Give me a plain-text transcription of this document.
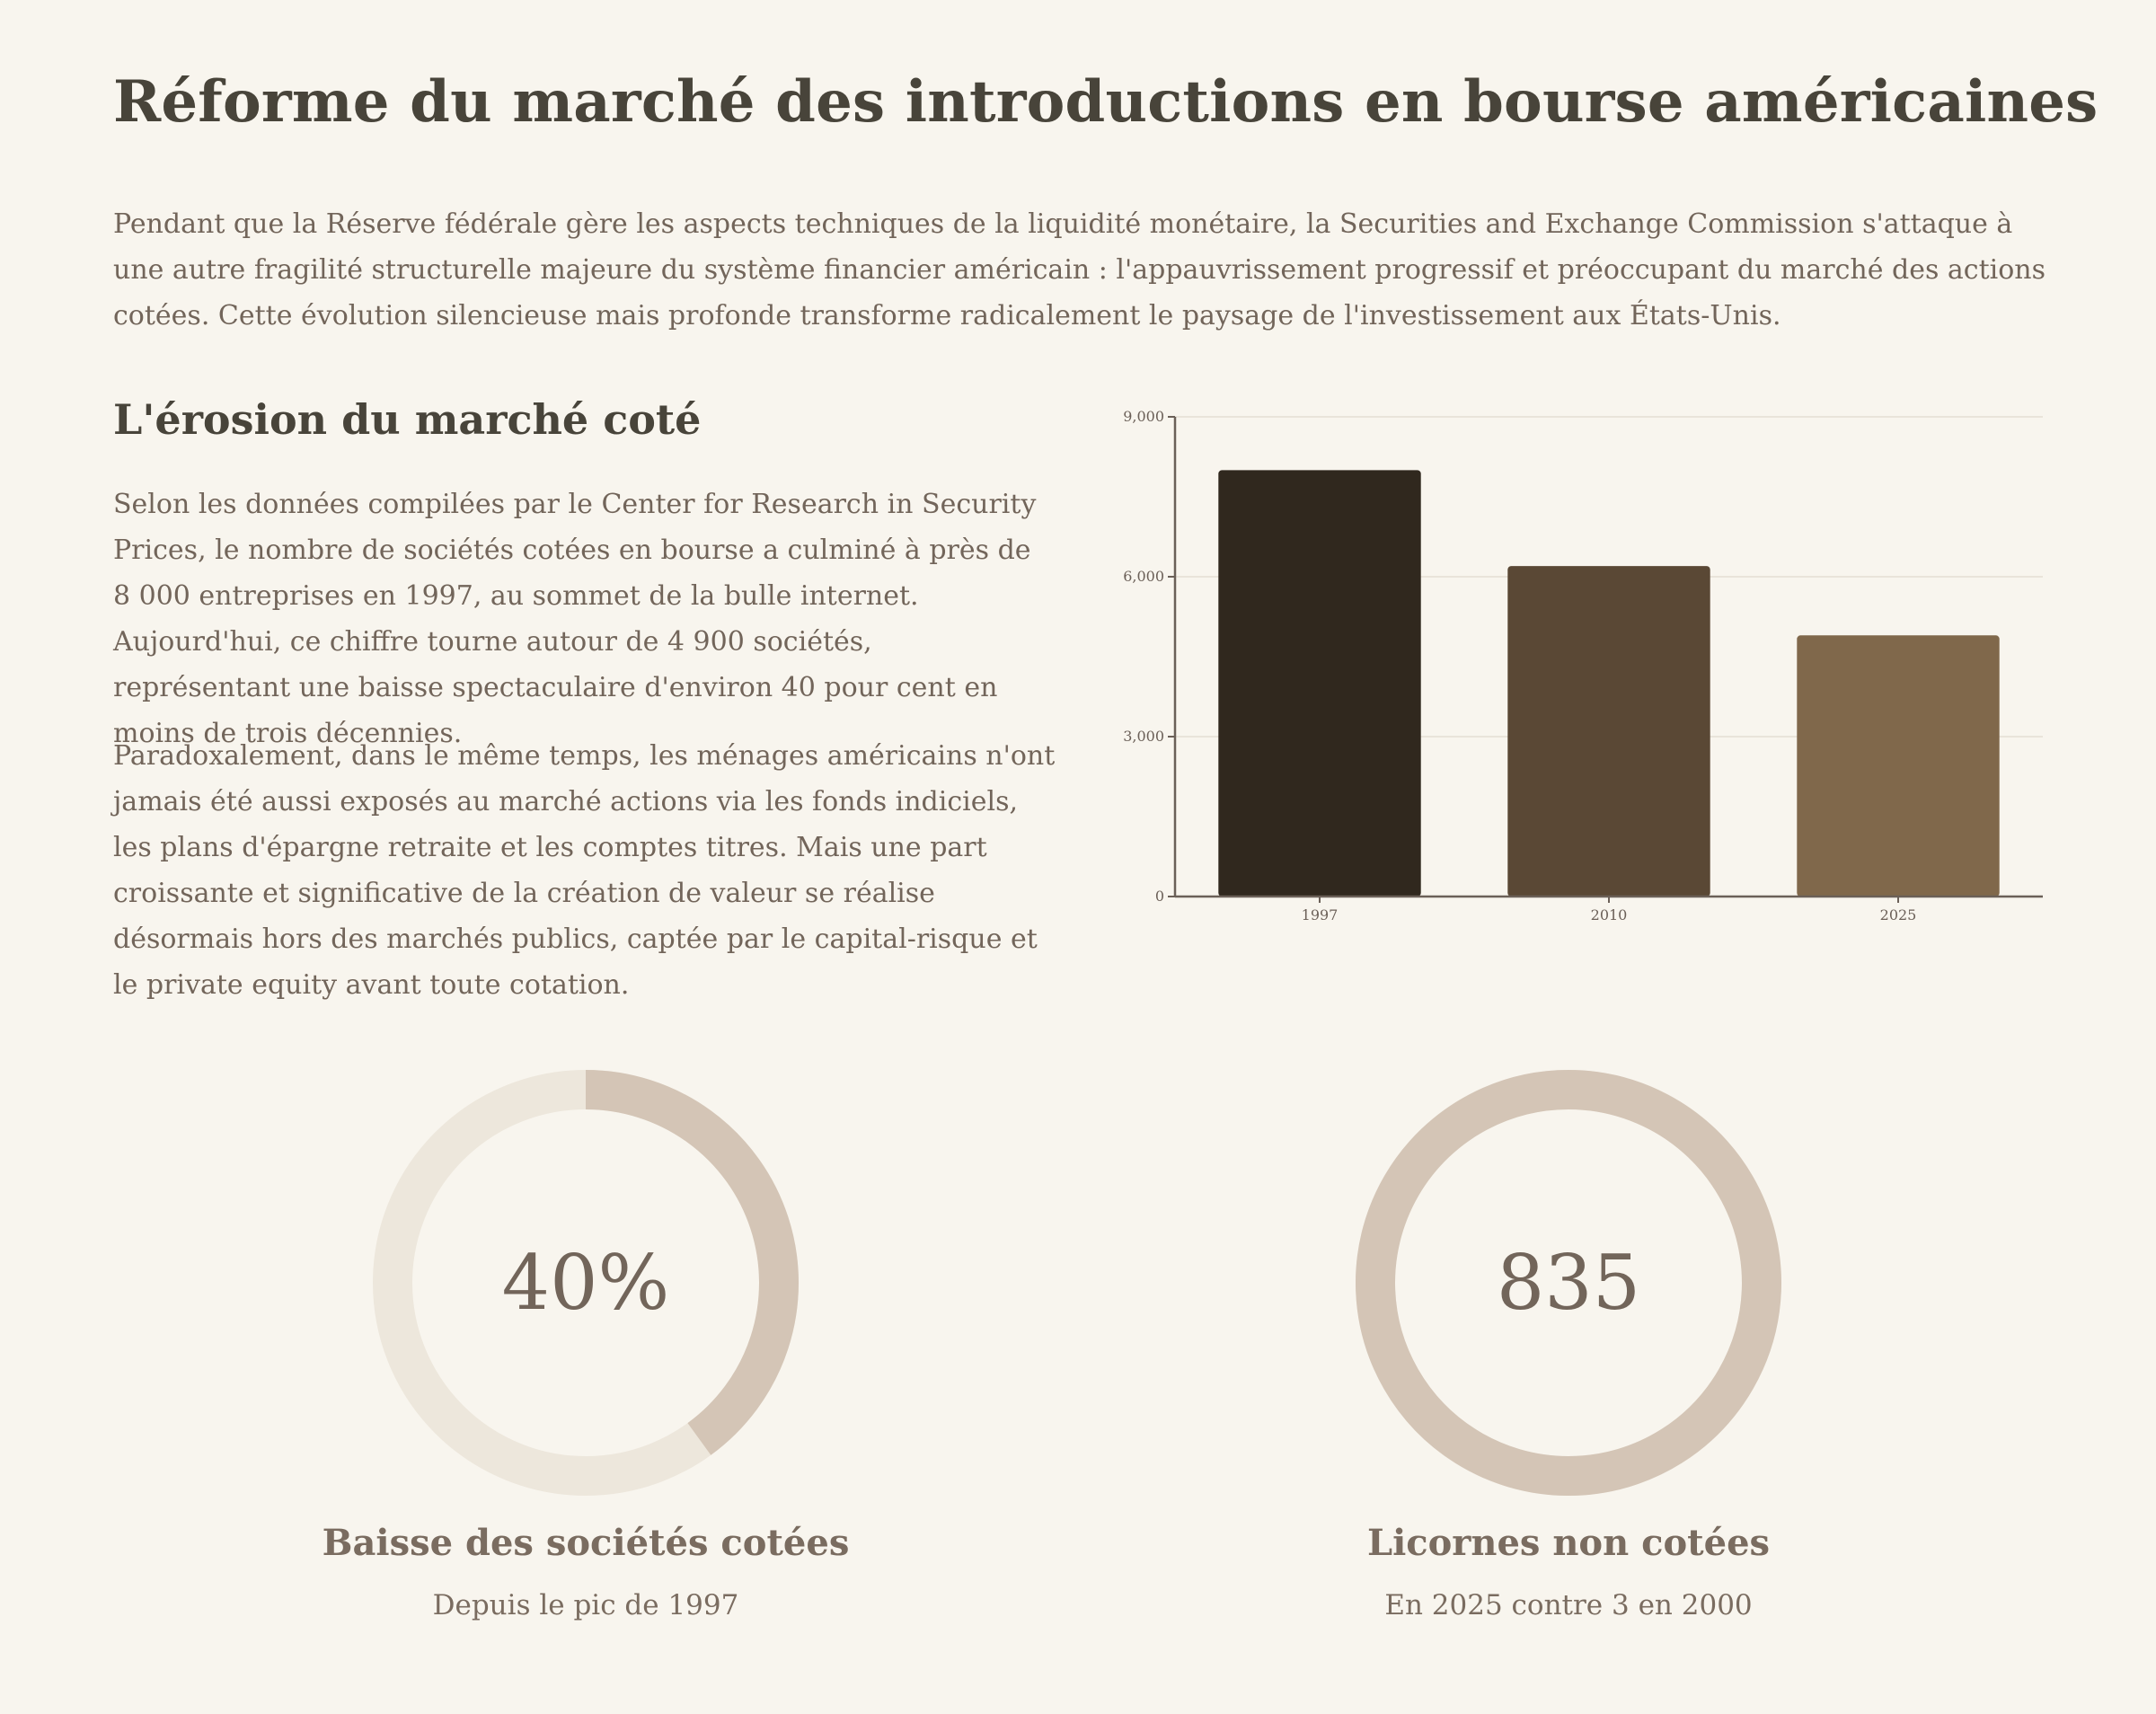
Réforme du marché des introductions en bourse américaines

Pendant que la Réserve fédérale gère les aspects techniques de la liquidité monétaire, la Securities and Exchange Commission s'attaque à une autre fragilité structurelle majeure du système financier américain : l'appauvrissement progressif et préoccupant du marché des actions cotées. Cette évolution silencieuse mais profonde transforme radicalement le paysage de l'investissement aux États-Unis.

L'érosion du marché coté

Selon les données compilées par le Center for Research in Security Prices, le nombre de sociétés cotées en bourse a culminé à près de 8 000 entreprises en 1997, au sommet de la bulle internet. Aujourd'hui, ce chiffre tourne autour de 4 900 sociétés, représentant une baisse spectaculaire d'environ 40 pour cent en moins de trois décennies.

Paradoxalement, dans le même temps, les ménages américains n'ont jamais été aussi exposés au marché actions via les fonds indiciels, les plans d'épargne retraite et les comptes titres. Mais une part croissante et significative de la création de valeur se réalise désormais hors des marchés publics, captée par le capital-risque et le private equity avant toute cotation.

0
3,000
6,000
9,000
1997	2010	2025
40%
Baisse des sociétés cotées
Depuis le pic de 1997
835
Licornes non cotées
En 2025 contre 3 en 2000
